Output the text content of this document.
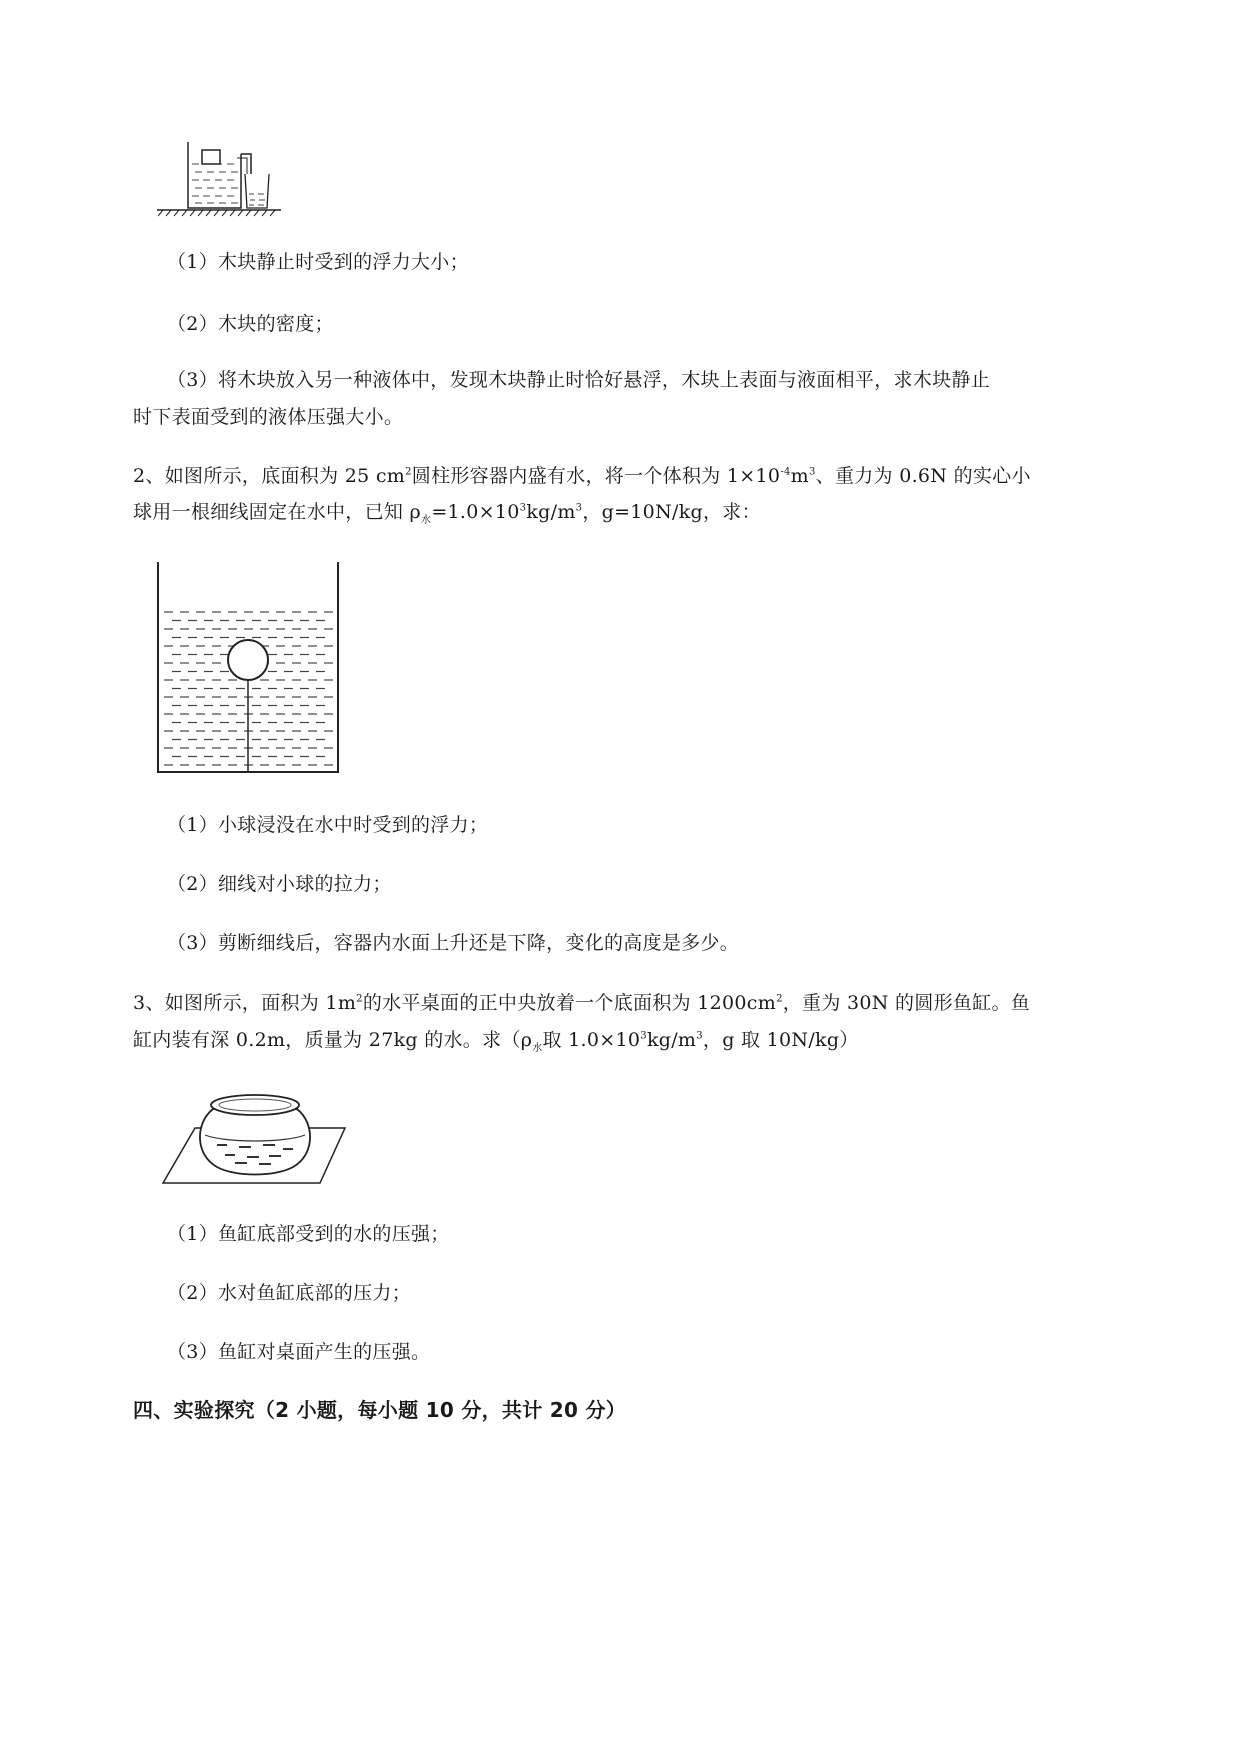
（1）木块静止时受到的浮力大小；
（2）木块的密度；
（3）将木块放入另一种液体中，发现木块静止时恰好悬浮，木块上表面与液面相平，求木块静止
时下表面受到的液体压强大小。
2、如图所示，底面积为 25 $cm^2$圆柱形容器内盛有水，将一个体积为 $1\times 10^{-4}m^3$、重力为 0.6N 的实心小
球用一根细线固定在水中，已知 $\rho_水=1.0\times 10^3kg/m^3$，g=10N/kg，求：
（1）小球浸没在水中时受到的浮力；
（2）细线对小球的拉力；
（3）剪断细线后，容器内水面上升还是下降，变化的高度是多少。
3、如图所示，面积为 $1m^2$的水平桌面的正中央放着一个底面积为 $1200cm^2$，重为 30N 的圆形鱼缸。鱼
缸内装有深 0.2m，质量为 27kg 的水。求（$\rho_水$取 $1.0\times 10^3kg/m^3$，g 取 10N/kg）
（1）鱼缸底部受到的水的压强；
（2）水对鱼缸底部的压力；
（3）鱼缸对桌面产生的压强。
四、实验探究（2 小题，每小题 10 分，共计 20 分）
